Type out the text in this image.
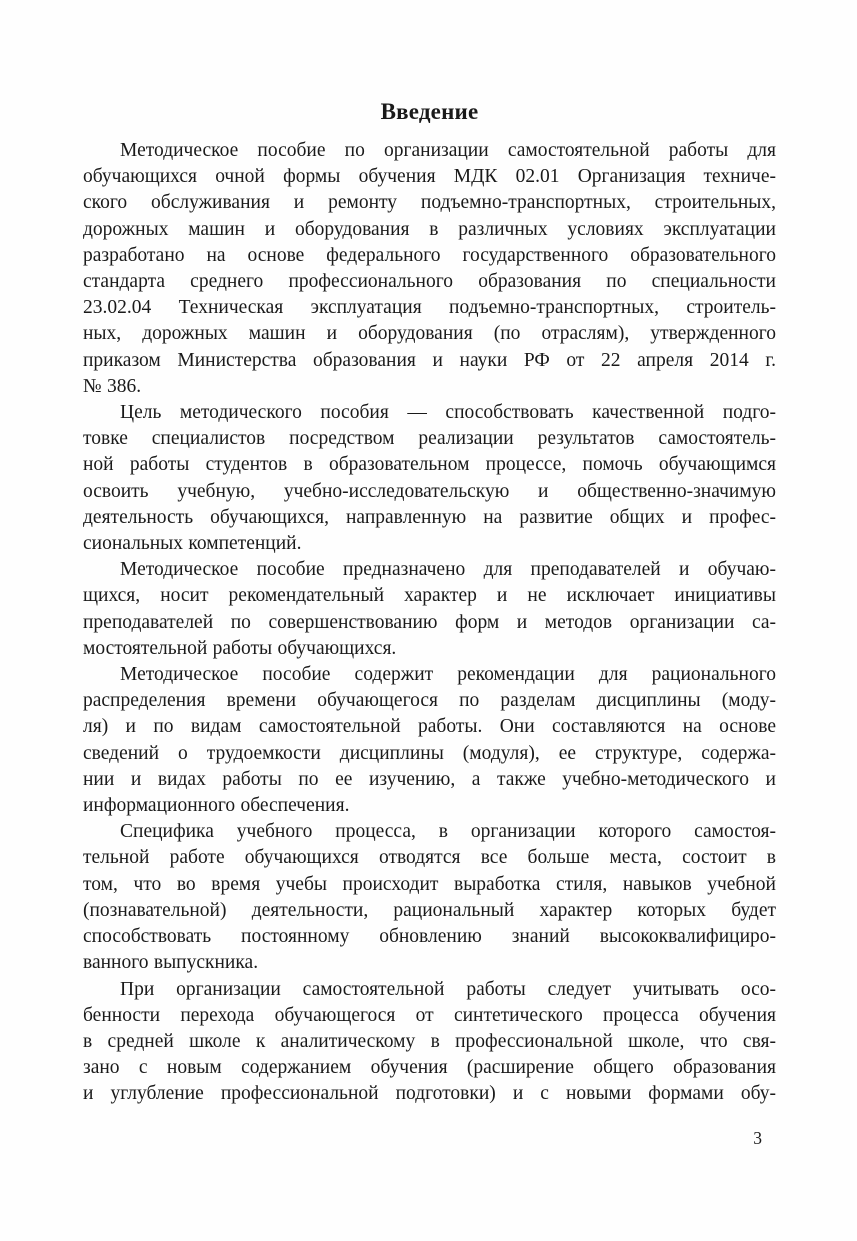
Введение
Методическое пособие по организации самостоятельной работы для
обучающихся очной формы обучения МДК 02.01 Организация техниче-
ского обслуживания и ремонту подъемно-транспортных, строительных,
дорожных машин и оборудования в различных условиях эксплуатации
разработано на основе федерального государственного образовательного
стандарта среднего профессионального образования по специальности
23.02.04 Техническая эксплуатация подъемно-транспортных, строитель-
ных, дорожных машин и оборудования (по отраслям), утвержденного
приказом Министерства образования и науки РФ от 22 апреля 2014 г.
№ 386.
Цель методического пособия — способствовать качественной подго-
товке специалистов посредством реализации результатов самостоятель-
ной работы студентов в образовательном процессе, помочь обучающимся
освоить учебную, учебно-исследовательскую и общественно-значимую
деятельность обучающихся, направленную на развитие общих и профес-
сиональных компетенций.
Методическое пособие предназначено для преподавателей и обучаю-
щихся, носит рекомендательный характер и не исключает инициативы
преподавателей по совершенствованию форм и методов организации са-
мостоятельной работы обучающихся.
Методическое пособие содержит рекомендации для рационального
распределения времени обучающегося по разделам дисциплины (моду-
ля) и по видам самостоятельной работы. Они составляются на основе
сведений о трудоемкости дисциплины (модуля), ее структуре, содержа-
нии и видах работы по ее изучению, а также учебно-методического и
информационного обеспечения.
Специфика учебного процесса, в организации которого самостоя-
тельной работе обучающихся отводятся все больше места, состоит в
том, что во время учебы происходит выработка стиля, навыков учебной
(познавательной) деятельности, рациональный характер которых будет
способствовать постоянному обновлению знаний высококвалифициро-
ванного выпускника.
При организации самостоятельной работы следует учитывать осо-
бенности перехода обучающегося от синтетического процесса обучения
в средней школе к аналитическому в профессиональной школе, что свя-
зано с новым содержанием обучения (расширение общего образования
и углубление профессиональной подготовки) и с новыми формами обу-
3
